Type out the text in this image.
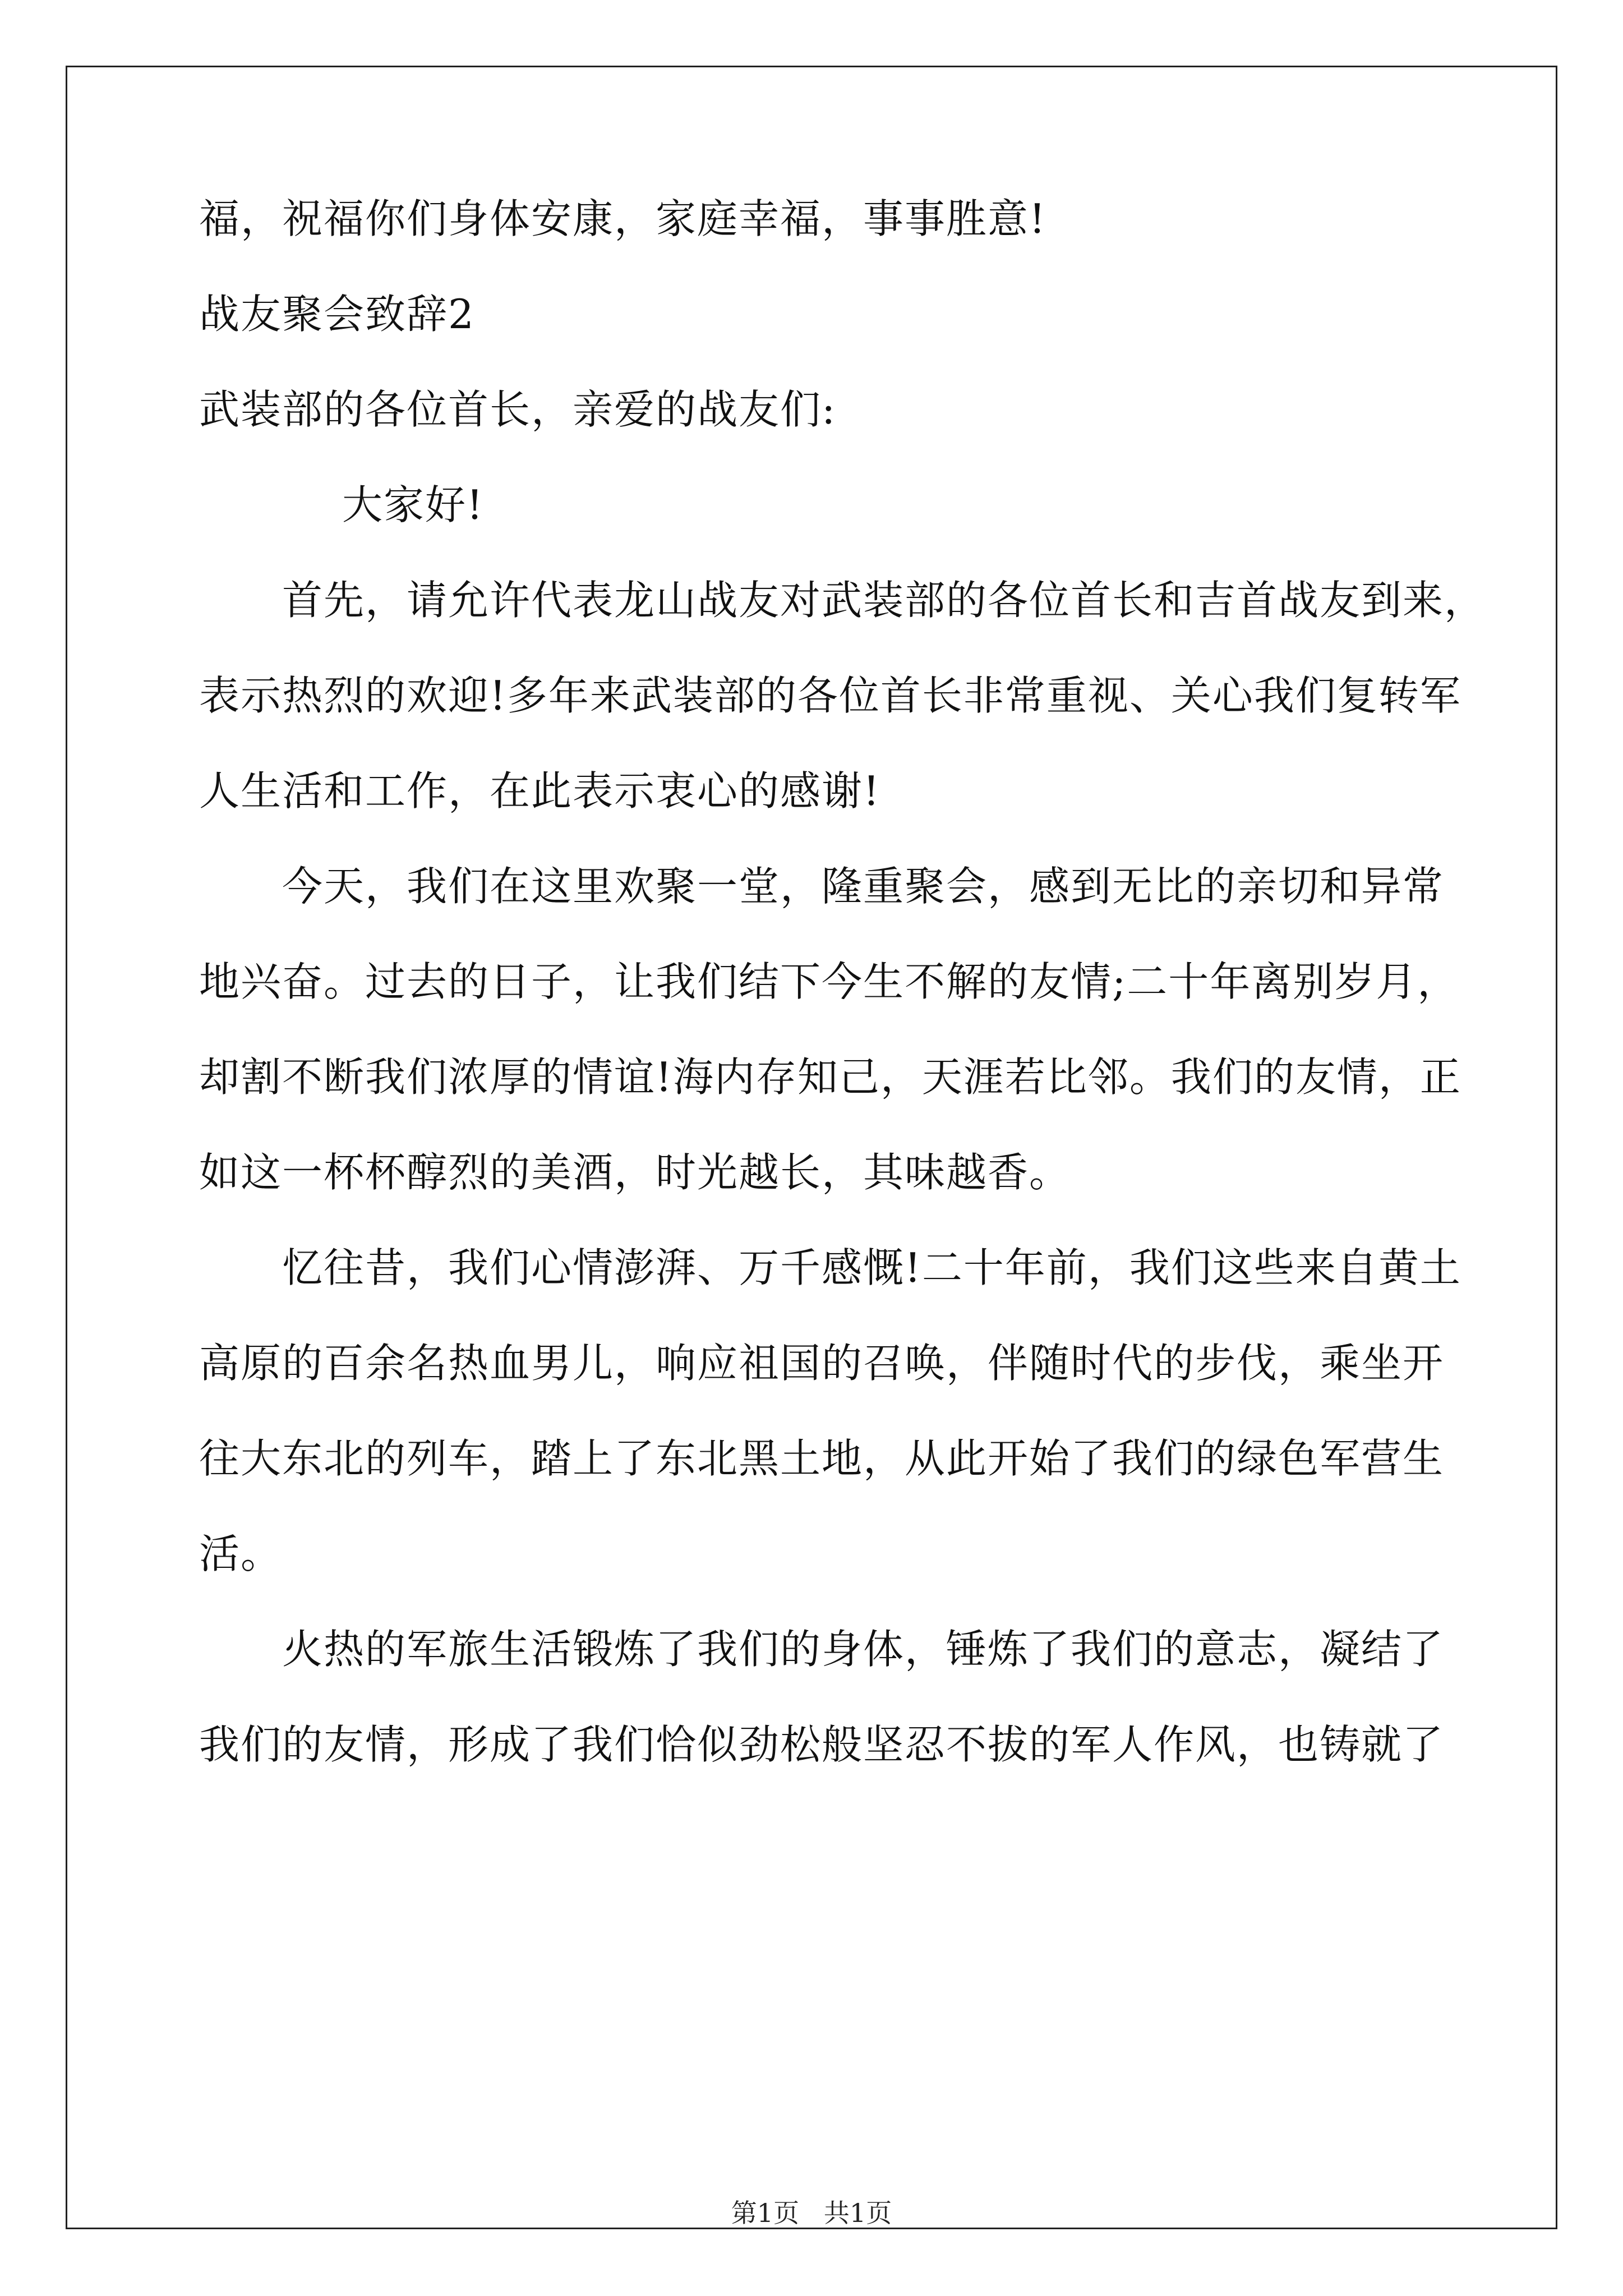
福，祝福你们身体安康，家庭幸福，事事胜意!
战友聚会致辞2
武装部的各位首长，亲爱的战友们:
大家好!
首先，请允许代表龙山战友对武装部的各位首长和吉首战友到来，
表示热烈的欢迎!多年来武装部的各位首长非常重视、关心我们复转军
人生活和工作，在此表示衷心的感谢!
今天，我们在这里欢聚一堂，隆重聚会，感到无比的亲切和异常
地兴奋。过去的日子，让我们结下今生不解的友情;二十年离别岁月，
却割不断我们浓厚的情谊!海内存知己，天涯若比邻。我们的友情，正
如这一杯杯醇烈的美酒，时光越长，其味越香。
忆往昔，我们心情澎湃、万千感慨!二十年前，我们这些来自黄土
高原的百余名热血男儿，响应祖国的召唤，伴随时代的步伐，乘坐开
往大东北的列车，踏上了东北黑土地，从此开始了我们的绿色军营生
活。
火热的军旅生活锻炼了我们的身体，锤炼了我们的意志，凝结了
我们的友情，形成了我们恰似劲松般坚忍不拔的军人作风，也铸就了
第1页   共1页
